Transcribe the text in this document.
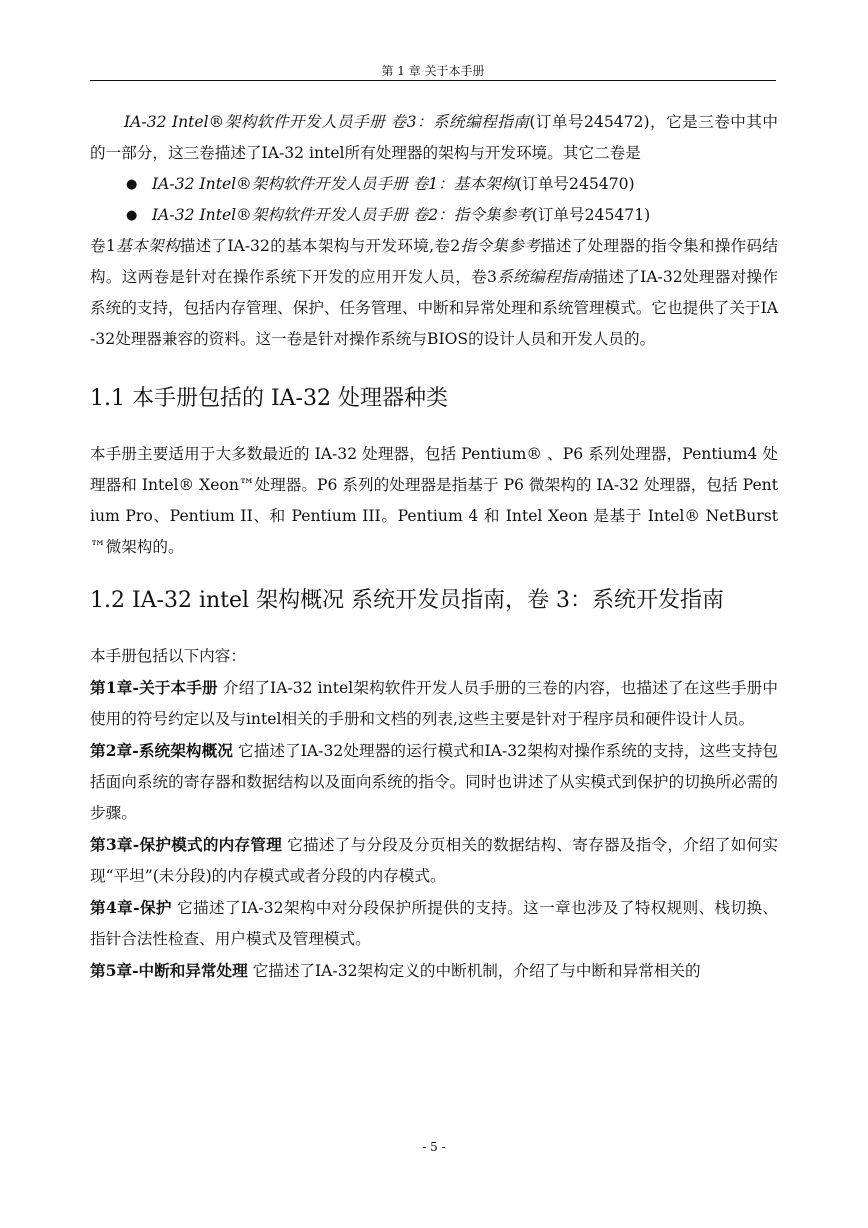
第 1 章 关于本手册

IA-32 Intel®架构软件开发人员手册 卷3：系统编程指南(订单号245472)，它是三卷中其中的一部分，这三卷描述了IA-32 intel所有处理器的架构与开发环境。其它二卷是

● IA-32 Intel®架构软件开发人员手册 卷1：基本架构(订单号245470)
● IA-32 Intel®架构软件开发人员手册 卷2：指令集参考(订单号245471)

卷1基本架构描述了IA-32的基本架构与开发环境,卷2指令集参考描述了处理器的指令集和操作码结构。这两卷是针对在操作系统下开发的应用开发人员，卷3系统编程指南描述了IA-32处理器对操作系统的支持，包括内存管理、保护、任务管理、中断和异常处理和系统管理模式。它也提供了关于IA-32处理器兼容的资料。这一卷是针对操作系统与BIOS的设计人员和开发人员的。

1.1 本手册包括的 IA-32 处理器种类

本手册主要适用于大多数最近的 IA-32 处理器，包括 Pentium® 、P6 系列处理器，Pentium4 处理器和 Intel® Xeon™处理器。P6 系列的处理器是指基于 P6 微架构的 IA-32 处理器，包括 Pentium Pro、Pentium II、和 Pentium III。Pentium 4 和 Intel Xeon 是基于 Intel® NetBurst™微架构的。

1.2 IA-32 intel 架构概况 系统开发员指南，卷 3：系统开发指南

本手册包括以下内容：

第1章-关于本手册 介绍了IA-32 intel架构软件开发人员手册的三卷的内容，也描述了在这些手册中使用的符号约定以及与intel相关的手册和文档的列表,这些主要是针对于程序员和硬件设计人员。

第2章-系统架构概况 它描述了IA-32处理器的运行模式和IA-32架构对操作系统的支持，这些支持包括面向系统的寄存器和数据结构以及面向系统的指令。同时也讲述了从实模式到保护的切换所必需的步骤。

第3章-保护模式的内存管理 它描述了与分段及分页相关的数据结构、寄存器及指令，介绍了如何实现“平坦”(未分段)的内存模式或者分段的内存模式。

第4章-保护 它描述了IA-32架构中对分段保护所提供的支持。这一章也涉及了特权规则、栈切换、指针合法性检查、用户模式及管理模式。

第5章-中断和异常处理 它描述了IA-32架构定义的中断机制，介绍了与中断和异常相关的

- 5 -
